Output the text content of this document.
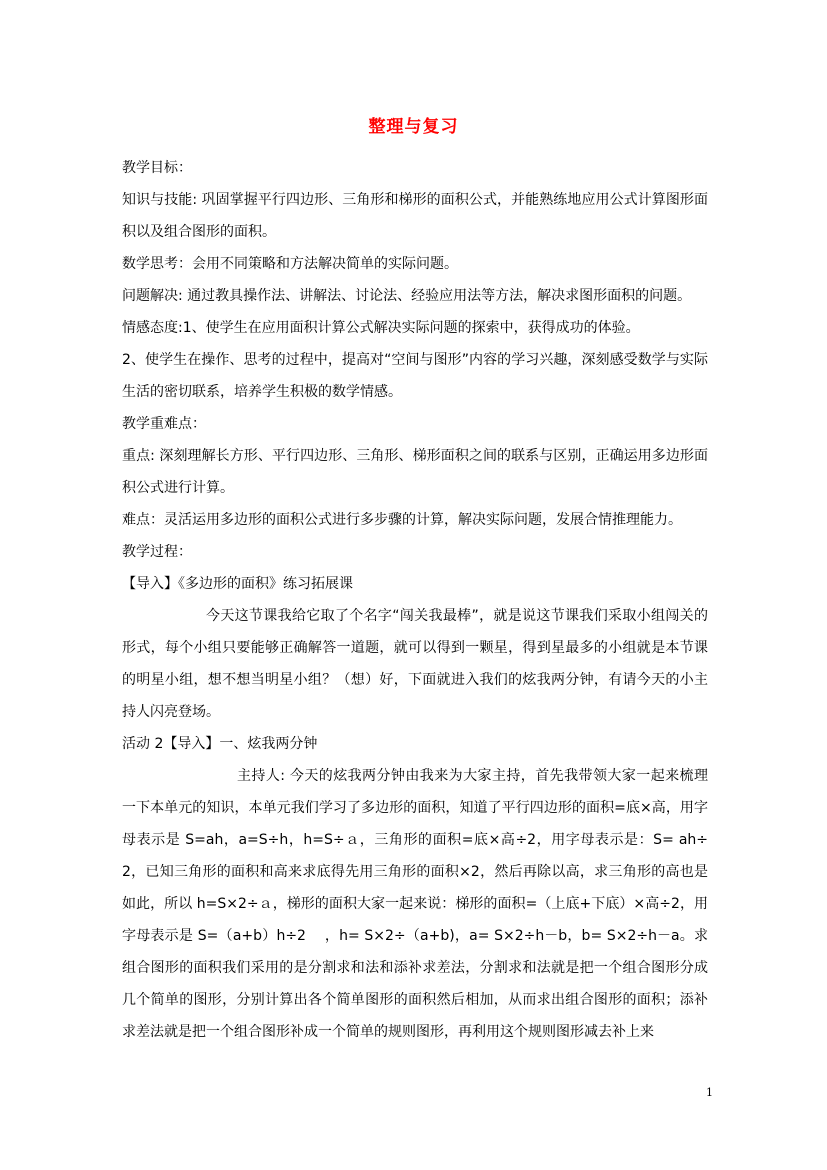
整理与复习

教学目标：

知识与技能: 巩固掌握平行四边形、三角形和梯形的面积公式，并能熟练地应用公式计算图形面积以及组合图形的面积。

数学思考：会用不同策略和方法解决简单的实际问题。

问题解决: 通过教具操作法、讲解法、讨论法、经验应用法等方法，解决求图形面积的问题。

情感态度:1、使学生在应用面积计算公式解决实际问题的探索中，获得成功的体验。

2、使学生在操作、思考的过程中，提高对“空间与图形”内容的学习兴趣，深刻感受数学与实际生活的密切联系，培养学生积极的数学情感。

教学重难点：

重点: 深刻理解长方形、平行四边形、三角形、梯形面积之间的联系与区别，正确运用多边形面积公式进行计算。

难点：灵活运用多边形的面积公式进行多步骤的计算，解决实际问题，发展合情推理能力。

教学过程：

【导入】《多边形的面积》练习拓展课

今天这节课我给它取了个名字“闯关我最棒”，就是说这节课我们采取小组闯关的形式，每个小组只要能够正确解答一道题，就可以得到一颗星，得到星最多的小组就是本节课的明星小组，想不想当明星小组？（想）好，下面就进入我们的炫我两分钟，有请今天的小主持人闪亮登场。

活动 2【导入】一、炫我两分钟

主持人: 今天的炫我两分钟由我来为大家主持，首先我带领大家一起来梳理一下本单元的知识，本单元我们学习了多边形的面积，知道了平行四边形的面积=底×高，用字母表示是 S=ah，a=S÷h，h=S÷ａ，三角形的面积=底×高÷2，用字母表示是：S= ah÷2，已知三角形的面积和高来求底得先用三角形的面积×2，然后再除以高，求三角形的高也是如此，所以 h=S×2÷ａ，梯形的面积大家一起来说：梯形的面积=（上底+下底）×高÷2，用字母表示是 S=（a+b）h÷2 　，h= S×2÷（a+b)，a= S×2÷h－b，b= S×2÷h－a。求组合图形的面积我们采用的是分割求和法和添补求差法，分割求和法就是把一个组合图形分成几个简单的图形，分别计算出各个简单图形的面积然后相加，从而求出组合图形的面积；添补求差法就是把一个组合图形补成一个简单的规则图形，再利用这个规则图形减去补上来

1
